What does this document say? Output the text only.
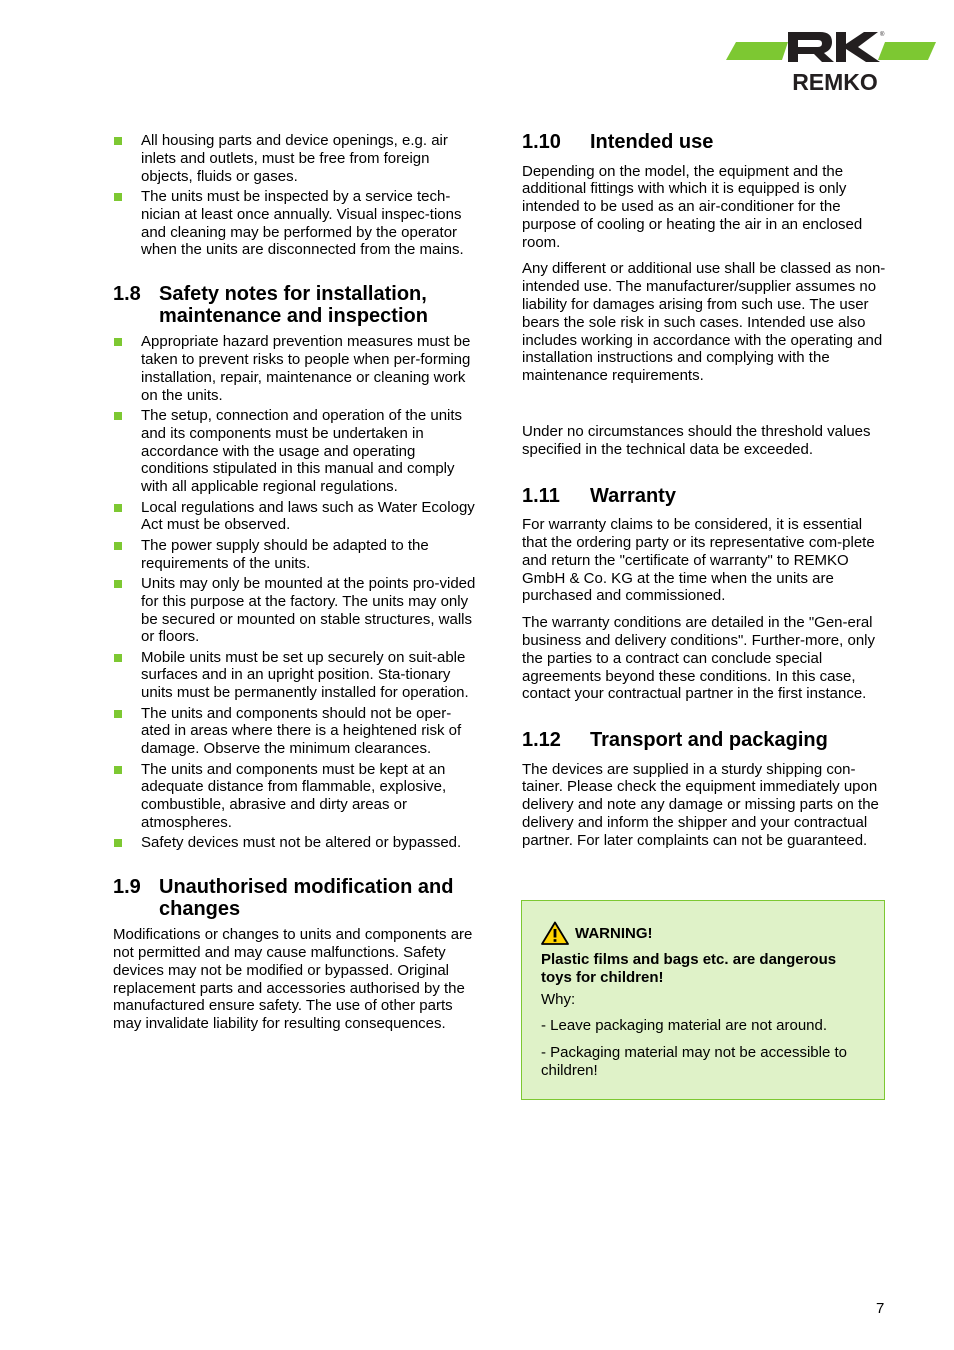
®
REMKO
All housing parts and device openings, e.g. air inlets and outlets, must be free from foreign objects, fluids or gases.
The units must be inspected by a service tech-nician at least once annually. Visual inspec-tions and cleaning may be performed by the operator when the units are disconnected from the mains.
1.8 Safety notes for installation, maintenance and inspection
Appropriate hazard prevention measures must be taken to prevent risks to people when per-forming installation, repair, maintenance or cleaning work on the units.
The setup, connection and operation of the units and its components must be undertaken in accordance with the usage and operating conditions stipulated in this manual and comply with all applicable regional regulations.
Local regulations and laws such as Water Ecology Act must be observed.
The power supply should be adapted to the requirements of the units.
Units may only be mounted at the points pro-vided for this purpose at the factory. The units may only be secured or mounted on stable structures, walls or floors.
Mobile units must be set up securely on suit-able surfaces and in an upright position. Sta-tionary units must be permanently installed for operation.
The units and components should not be oper-ated in areas where there is a heightened risk of damage. Observe the minimum clearances.
The units and components must be kept at an adequate distance from flammable, explosive, combustible, abrasive and dirty areas or atmospheres.
Safety devices must not be altered or bypassed.
1.9 Unauthorised modification and changes

Modifications or changes to units and components are not permitted and may cause malfunctions. Safety devices may not be modified or bypassed. Original replacement parts and accessories authorised by the manufactured ensure safety. The use of other parts may invalidate liability for resulting consequences.

1.10	Intended use

Depending on the model, the equipment and the additional fittings with which it is equipped is only intended to be used as an air-conditioner for the purpose of cooling or heating the air in an enclosed room.

Any different or additional use shall be classed as non-intended use. The manufacturer/supplier assumes no liability for damages arising from such use. The user bears the sole risk in such cases. Intended use also includes working in accordance with the operating and installation instructions and complying with the maintenance requirements.

Under no circumstances should the threshold values specified in the technical data be exceeded.

1.11	Warranty

For warranty claims to be considered, it is essential that the ordering party or its representative com-plete and return the "certificate of warranty" to REMKO GmbH & Co. KG at the time when the units are purchased and commissioned.

The warranty conditions are detailed in the "Gen-eral business and delivery conditions". Further-more, only the parties to a contract can conclude special agreements beyond these conditions. In this case, contact your contractual partner in the first instance.

1.12	Transport and packaging

The devices are supplied in a sturdy shipping con-tainer. Please check the equipment immediately upon delivery and note any damage or missing parts on the delivery and inform the shipper and your contractual partner. For later complaints can not be guaranteed.

WARNING!

Plastic films and bags etc. are dangerous toys for children!

Why:

- Leave packaging material are not around.

- Packaging material may not be accessible to children!

7
